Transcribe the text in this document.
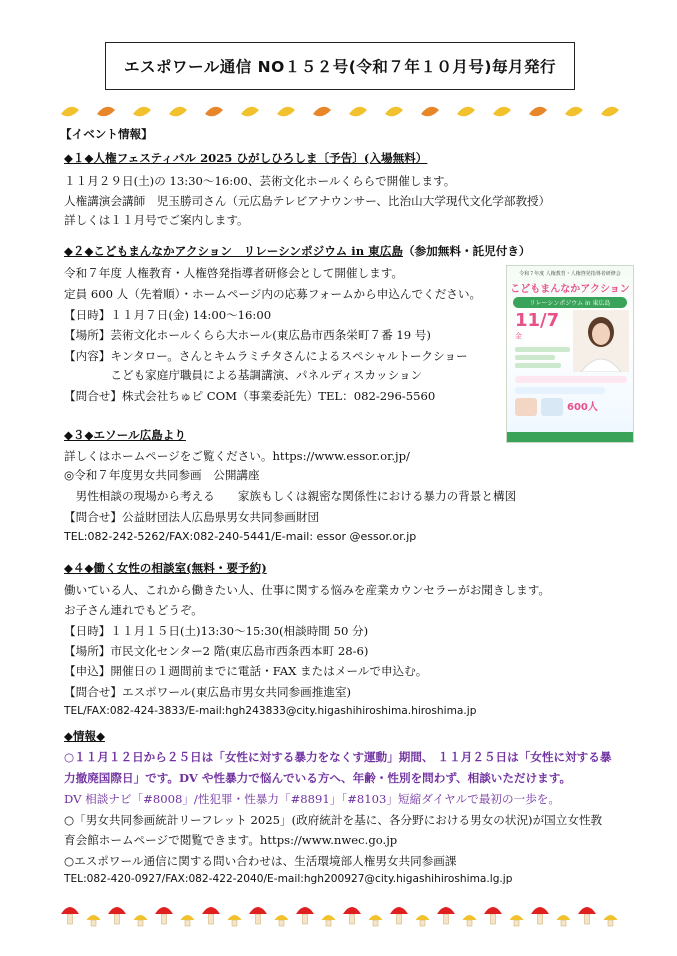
エスポワール通信 NO１５２号(令和７年１０月号)毎月発行
【イベント情報】
◆１◆人権フェスティバル 2025 ひがしひろしま〔予告〕(入場無料）
１１月２９日(土)の 13:30～16:00、芸術文化ホールくららで開催します。
人権講演会講師　児玉勝司さん（元広島テレビアナウンサー、比治山大学現代文化学部教授）
詳しくは１１月号でご案内します。
◆２◆こどもまんなかアクション　リレーシンポジウム in 東広島（参加無料・託児付き）
令和７年度 人権教育・人権啓発指導者研修会として開催します。
定員 600 人（先着順）・ホームページ内の応募フォームから申込んでください。
【日時】１１月７日(金) 14:00～16:00
【場所】芸術文化ホールくらら大ホール(東広島市西条栄町７番 19 号)
【内容】キンタロー。さんとキムラミチタさんによるスペシャルトークショー
　　　　こども家庭庁職員による基調講演、パネルディスカッション
【問合せ】株式会社ちゅピ COM（事業委託先）TEL：082-296-5560
令和７年度 人権教育・人権啓発指導者研修会
こどもまんなかアクション
リレーシンポジウム in 東広島
11/7
金
600人
◆３◆エソール広島より
詳しくはホームページをご覧ください。https://www.essor.or.jp/
◎令和７年度男女共同参画　公開講座
　男性相談の現場から考える　　家族もしくは親密な関係性における暴力の背景と構図
【問合せ】公益財団法人広島県男女共同参画財団
TEL:082-242-5262/FAX:082-240-5441/E-mail: essor @essor.or.jp
◆４◆働く女性の相談室(無料・要予約)
働いている人、これから働きたい人、仕事に関する悩みを産業カウンセラーがお聞きします。
お子さん連れでもどうぞ。
【日時】１１月１５日(土)13:30～15:30(相談時間 50 分)
【場所】市民文化センター2 階(東広島市西条西本町 28-6)
【申込】開催日の１週間前までに電話・FAX またはメールで申込む。
【問合せ】エスポワール(東広島市男女共同参画推進室)
TEL/FAX:082-424-3833/E-mail:hgh243833@city.higashihiroshima.hiroshima.jp
◆情報◆
○１１月１２日から２５日は「女性に対する暴力をなくす運動」期間、 １１月２５日は「女性に対する暴
力撤廃国際日」です。DV や性暴力で悩んでいる方へ、年齢・性別を問わず、相談いただけます。
DV 相談ナビ「#8008」/性犯罪・性暴力「#8891」「#8103」短縮ダイヤルで最初の一歩を。
○「男女共同参画統計リーフレット 2025」(政府統計を基に、各分野における男女の状況)が国立女性教
育会館ホームページで閲覧できます。https://www.nwec.go.jp
○エスポワール通信に関する問い合わせは、生活環境部人権男女共同参画課
TEL:082-420-0927/FAX:082-422-2040/E-mail:hgh200927@city.higashihiroshima.lg.jp
